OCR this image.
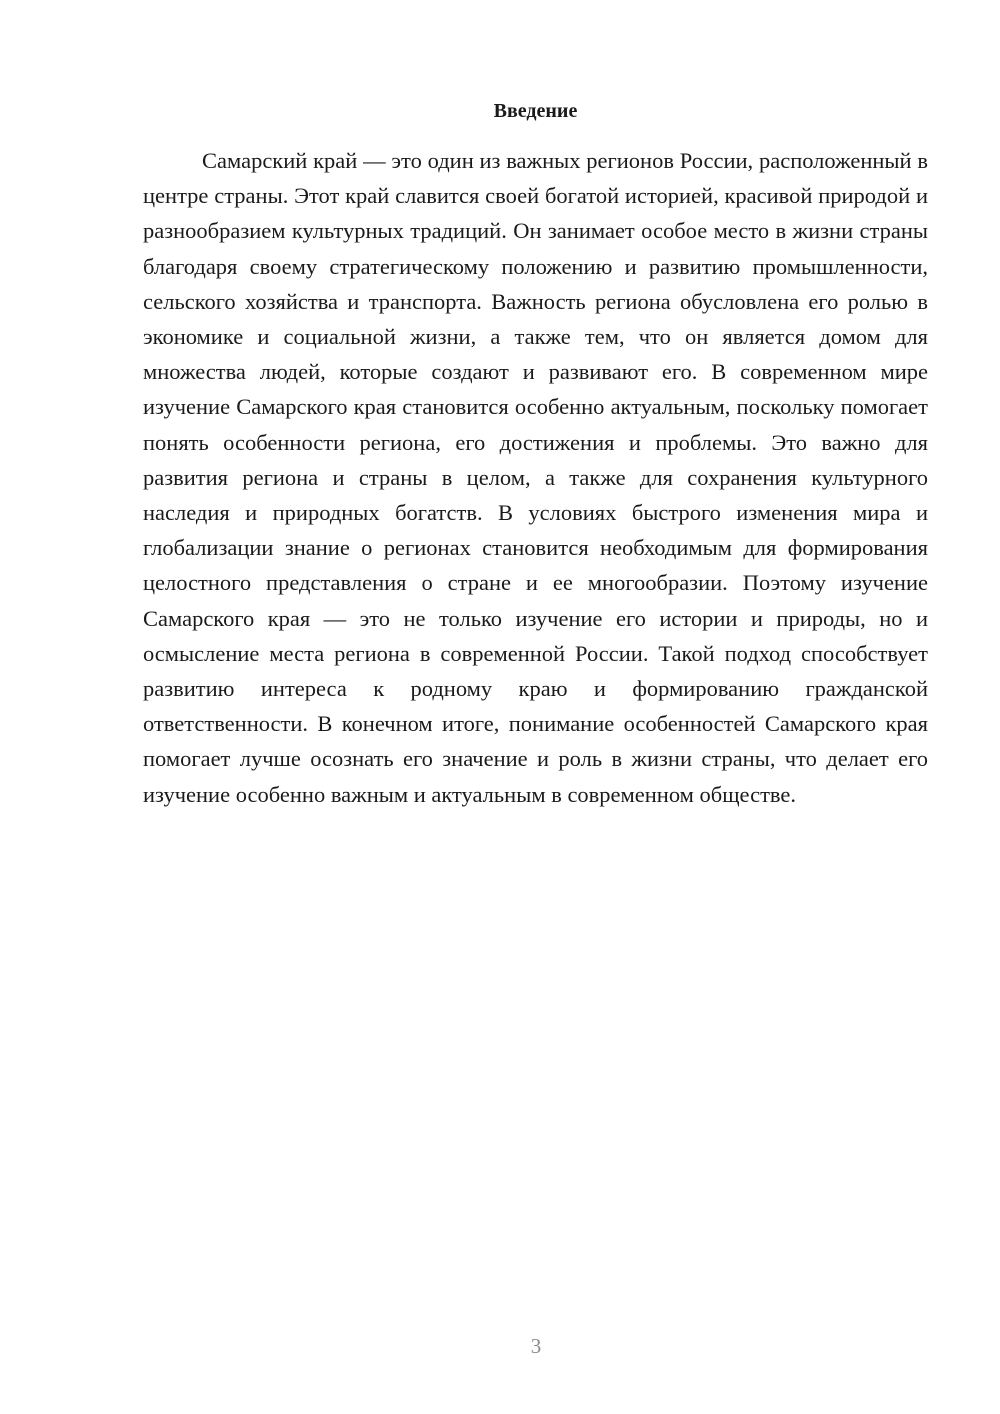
Введение

Самарский край — это один из важных регионов России, расположенный в центре страны. Этот край славится своей богатой историей, красивой природой и разнообразием культурных традиций. Он занимает особое место в жизни страны благодаря своему стратегическому положению и развитию промышленности, сельского хозяйства и транспорта. Важность региона обусловлена его ролью в экономике и социальной жизни, а также тем, что он является домом для множества людей, которые создают и развивают его. В современном мире изучение Самарского края становится особенно актуальным, поскольку помогает понять особенности региона, его достижения и проблемы. Это важно для развития региона и страны в целом, а также для сохранения культурного наследия и природных богатств. В условиях быстрого изменения мира и глобализации знание о регионах становится необходимым для формирования целостного представления о стране и ее многообразии. Поэтому изучение Самарского края — это не только изучение его истории и природы, но и осмысление места региона в современной России. Такой подход способствует развитию интереса к родному краю и формированию гражданской ответственности. В конечном итоге, понимание особенностей Самарского края помогает лучше осознать его значение и роль в жизни страны, что делает его изучение особенно важным и актуальным в современном обществе.

3
